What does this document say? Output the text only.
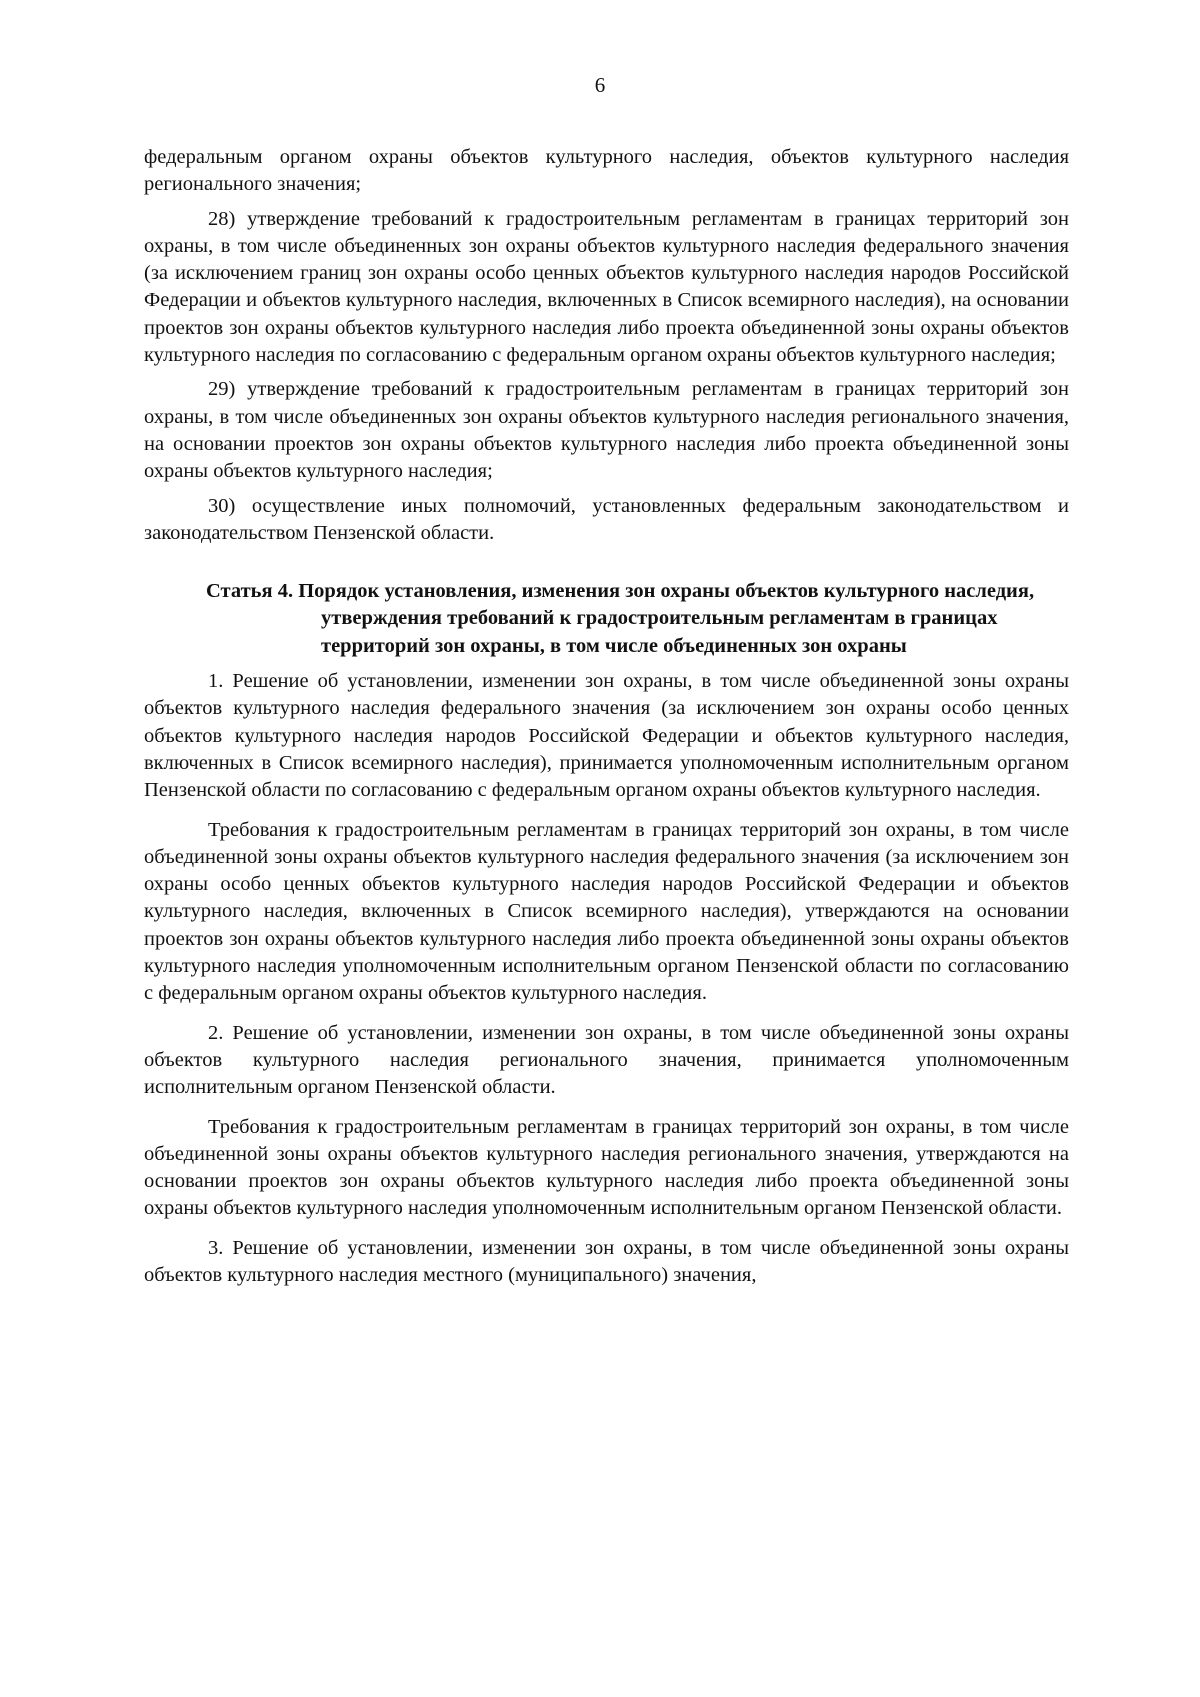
6

федеральным органом охраны объектов культурного наследия, объектов культурного наследия регионального значения;

28) утверждение требований к градостроительным регламентам в границах территорий зон охраны, в том числе объединенных зон охраны объектов культурного наследия федерального значения (за исключением границ зон охраны особо ценных объектов культурного наследия народов Российской Федерации и объектов культурного наследия, включенных в Список всемирного наследия), на основании проектов зон охраны объектов культурного наследия либо проекта объединенной зоны охраны объектов культурного наследия по согласованию с федеральным органом охраны объектов культурного наследия;

29) утверждение требований к градостроительным регламентам в границах территорий зон охраны, в том числе объединенных зон охраны объектов культурного наследия регионального значения, на основании проектов зон охраны объектов культурного наследия либо проекта объединенной зоны охраны объектов культурного наследия;

30) осуществление иных полномочий, установленных федеральным законодательством и законодательством Пензенской области.

Статья 4. Порядок установления, изменения зон охраны объектов культурного наследия, утверждения требований к градостроительным регламентам в границах территорий зон охраны, в том числе объединенных зон охраны

1. Решение об установлении, изменении зон охраны, в том числе объединенной зоны охраны объектов культурного наследия федерального значения (за исключением зон охраны особо ценных объектов культурного наследия народов Российской Федерации и объектов культурного наследия, включенных в Список всемирного наследия), принимается уполномоченным исполнительным органом Пензенской области по согласованию с федеральным органом охраны объектов культурного наследия.

Требования к градостроительным регламентам в границах территорий зон охраны, в том числе объединенной зоны охраны объектов культурного наследия федерального значения (за исключением зон охраны особо ценных объектов культурного наследия народов Российской Федерации и объектов культурного наследия, включенных в Список всемирного наследия), утверждаются на основании проектов зон охраны объектов культурного наследия либо проекта объединенной зоны охраны объектов культурного наследия уполномоченным исполнительным органом Пензенской области по согласованию с федеральным органом охраны объектов культурного наследия.

2. Решение об установлении, изменении зон охраны, в том числе объединенной зоны охраны объектов культурного наследия регионального значения, принимается уполномоченным исполнительным органом Пензенской области.

Требования к градостроительным регламентам в границах территорий зон охраны, в том числе объединенной зоны охраны объектов культурного наследия регионального значения, утверждаются на основании проектов зон охраны объектов культурного наследия либо проекта объединенной зоны охраны объектов культурного наследия уполномоченным исполнительным органом Пензенской области.

3. Решение об установлении, изменении зон охраны, в том числе объединенной зоны охраны объектов культурного наследия местного (муниципального) значения,
